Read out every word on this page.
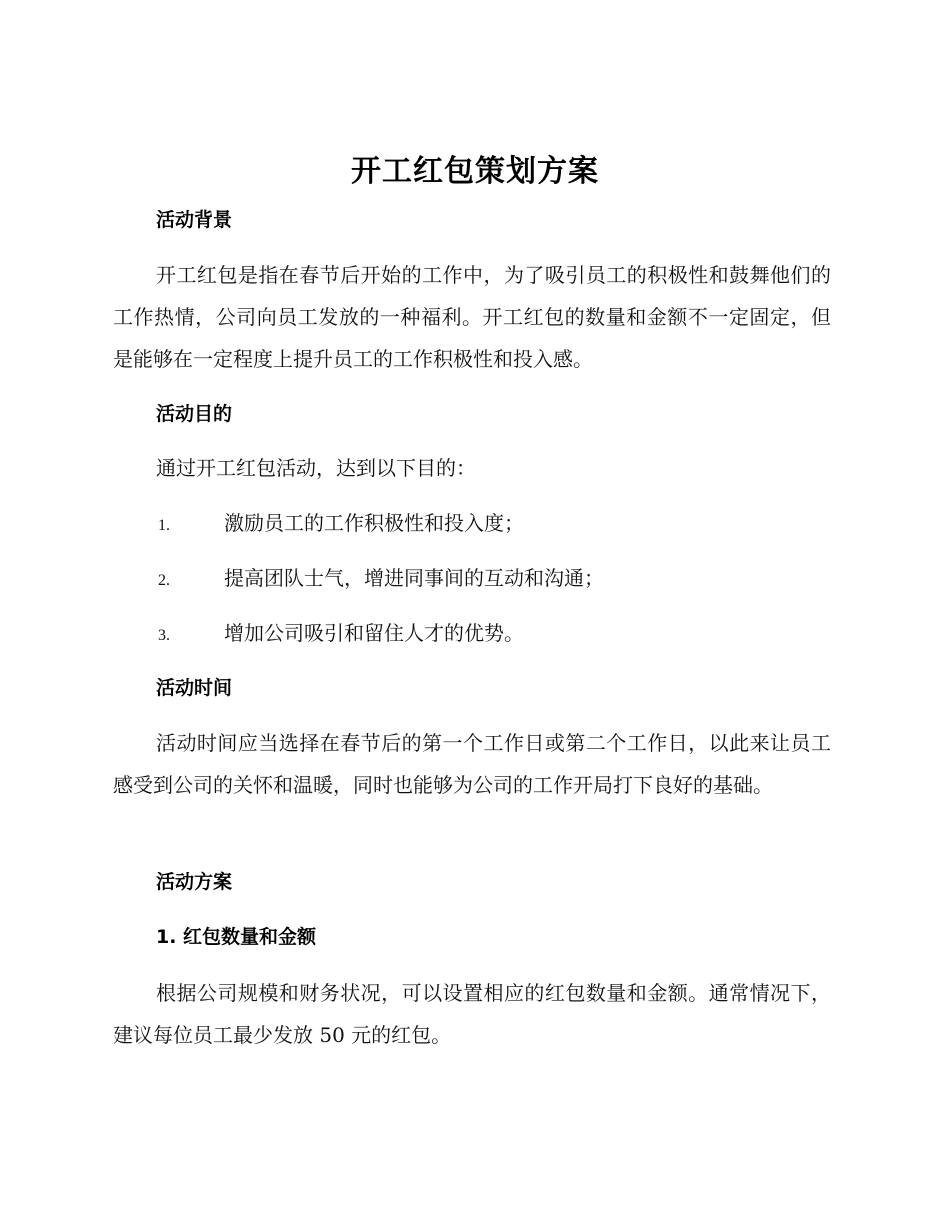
开工红包策划方案
活动背景

开工红包是指在春节后开始的工作中，为了吸引员工的积极性和鼓舞他们的工作热情，公司向员工发放的一种福利。开工红包的数量和金额不一定固定，但是能够在一定程度上提升员工的工作积极性和投入感。

活动目的
通过开工红包活动，达到以下目的：
1.	激励员工的工作积极性和投入度；
2.	提高团队士气，增进同事间的互动和沟通；
3.	增加公司吸引和留住人才的优势。
活动时间

活动时间应当选择在春节后的第一个工作日或第二个工作日，以此来让员工感受到公司的关怀和温暖，同时也能够为公司的工作开局打下良好的基础。

活动方案
1. 红包数量和金额

根据公司规模和财务状况，可以设置相应的红包数量和金额。通常情况下，建议每位员工最少发放 50 元的红包。
